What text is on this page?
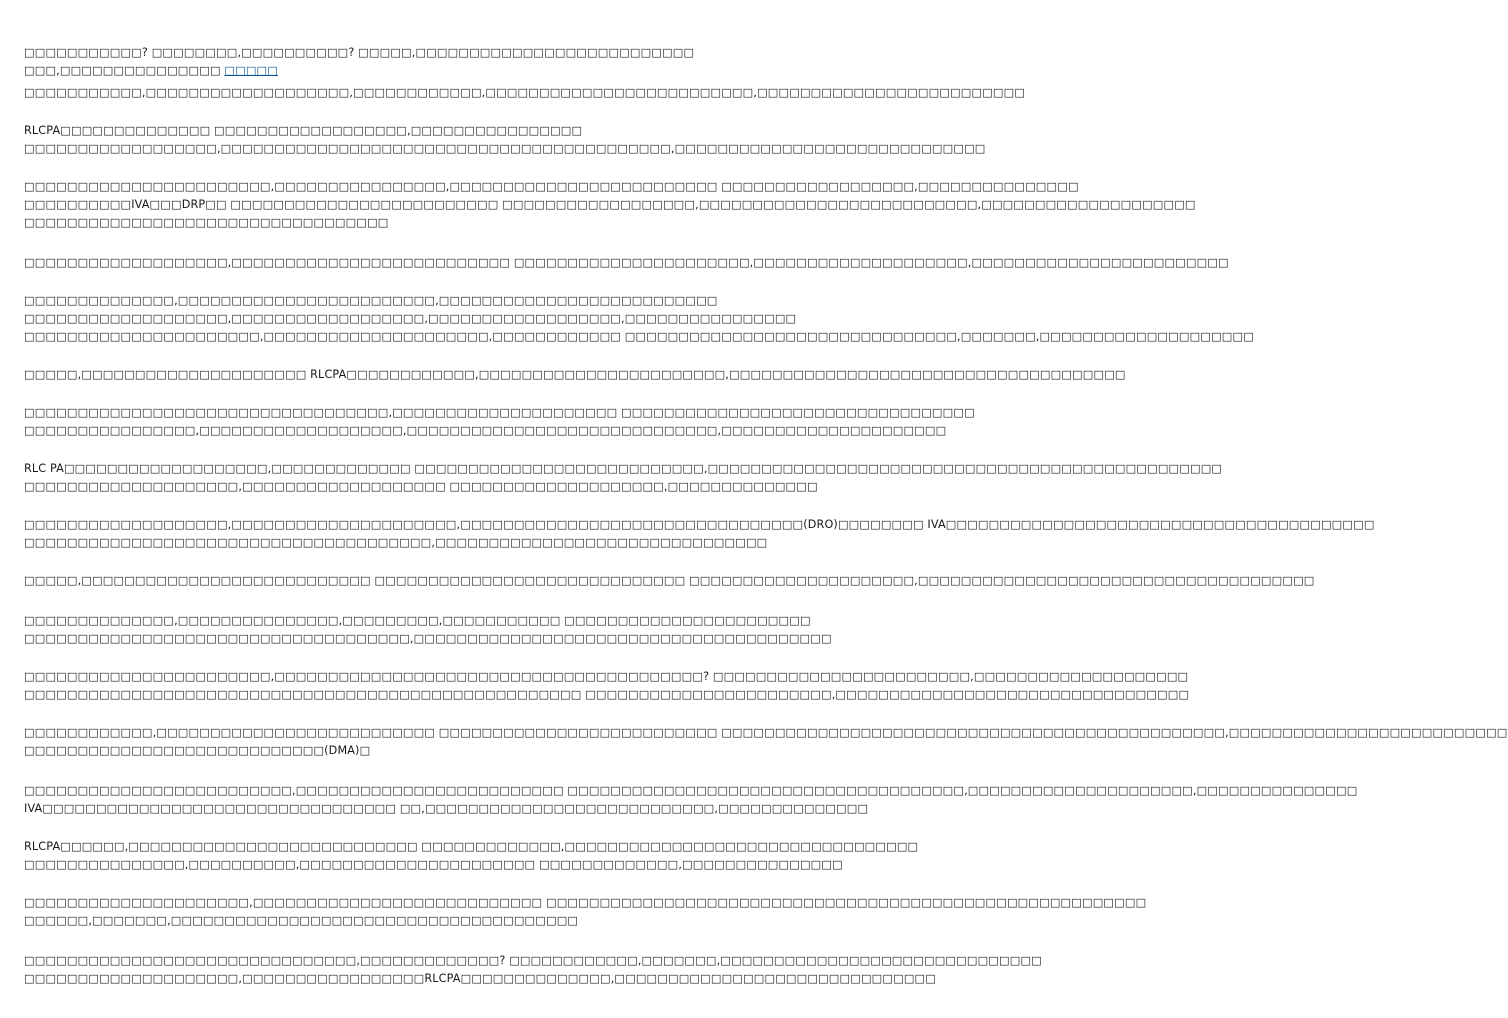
□□□□□□□□□□□? □□□□□□□□,□□□□□□□□□□? □□□□□,□□□□□□□□□□□□□□□□□□□□□□□□□□□□□,□□□□□□□□□□□□□□□ □□□□□

□□□□□□□□□□□,□□□□□□□□□□□□□□□□□□□,□□□□□□□□□□□□,□□□□□□□□□□□□□□□□□□□□□□□□□,□□□□□□□□□□□□□□□□□□□□□□□□□

RLCPA□□□□□□□□□□□□□□ □□□□□□□□□□□□□□□□□□,□□□□□□□□□□□□□□□□
□□□□□□□□□□□□□□□□□□,□□□□□□□□□□□□□□□□□□□□□□□□□□□□□□□□□□□□□□□□□□,□□□□□□□□□□□□□□□□□□□□□□□□□□□□□

□□□□□□□□□□□□□□□□□□□□□□□,□□□□□□□□□□□□□□□□,□□□□□□□□□□□□□□□□□□□□□□□□□ □□□□□□□□□□□□□□□□□□,□□□□□□□□□□□□□□□
□□□□□□□□□□IVA□□□DRP□□ □□□□□□□□□□□□□□□□□□□□□□□□□ □□□□□□□□□□□□□□□□□□,□□□□□□□□□□□□□□□□□□□□□□□□□□,□□□□□□□□□□□□□□□□□□□□
□□□□□□□□□□□□□□□□□□□□□□□□□□□□□□□□□□

□□□□□□□□□□□□□□□□□□□,□□□□□□□□□□□□□□□□□□□□□□□□□□ □□□□□□□□□□□□□□□□□□□□□□,□□□□□□□□□□□□□□□□□□□□,□□□□□□□□□□□□□□□□□□□□□□□□

□□□□□□□□□□□□□□,□□□□□□□□□□□□□□□□□□□□□□□□,□□□□□□□□□□□□□□□□□□□□□□□□□□
□□□□□□□□□□□□□□□□□□□,□□□□□□□□□□□□□□□□□□,□□□□□□□□□□□□□□□□□□,□□□□□□□□□□□□□□□□
□□□□□□□□□□□□□□□□□□□□□□,□□□□□□□□□□□□□□□□□□□□□,□□□□□□□□□□□□ □□□□□□□□□□□□□□□□□□□□□□□□□□□□□□□,□□□□□□□,□□□□□□□□□□□□□□□□□□□□

□□□□□,□□□□□□□□□□□□□□□□□□□□□ RLCPA□□□□□□□□□□□□,□□□□□□□□□□□□□□□□□□□□□□□,□□□□□□□□□□□□□□□□□□□□□□□□□□□□□□□□□□□□□

□□□□□□□□□□□□□□□□□□□□□□□□□□□□□□□□□□,□□□□□□□□□□□□□□□□□□□□□ □□□□□□□□□□□□□□□□□□□□□□□□□□□□□□□□□
□□□□□□□□□□□□□□□□,□□□□□□□□□□□□□□□□□□□,□□□□□□□□□□□□□□□□□□□□□□□□□□□□□,□□□□□□□□□□□□□□□□□□□□□

RLC PA□□□□□□□□□□□□□□□□□□□,□□□□□□□□□□□□□ □□□□□□□□□□□□□□□□□□□□□□□□□□□,□□□□□□□□□□□□□□□□□□□□□□□□□□□□□□□□□□□□□□□□□□□□□□□□
□□□□□□□□□□□□□□□□□□□□,□□□□□□□□□□□□□□□□□□□ □□□□□□□□□□□□□□□□□□□□,□□□□□□□□□□□□□□

□□□□□□□□□□□□□□□□□□□,□□□□□□□□□□□□□□□□□□□□□,□□□□□□□□□□□□□□□□□□□□□□□□□□□□□□□□(DRO)□□□□□□□□ IVA□□□□□□□□□□□□□□□□□□□□□□□□□□□□□□□□□□□□□□□□
□□□□□□□□□□□□□□□□□□□□□□□□□□□□□□□□□□□□□□,□□□□□□□□□□□□□□□□□□□□□□□□□□□□□□□

□□□□□,□□□□□□□□□□□□□□□□□□□□□□□□□□□ □□□□□□□□□□□□□□□□□□□□□□□□□□□□□ □□□□□□□□□□□□□□□□□□□□□,□□□□□□□□□□□□□□□□□□□□□□□□□□□□□□□□□□□□□

□□□□□□□□□□□□□□,□□□□□□□□□□□□□□□,□□□□□□□□□,□□□□□□□□□□□ □□□□□□□□□□□□□□□□□□□□□□□
□□□□□□□□□□□□□□□□□□□□□□□□□□□□□□□□□□□□,□□□□□□□□□□□□□□□□□□□□□□□□□□□□□□□□□□□□□□□

□□□□□□□□□□□□□□□□□□□□□□□,□□□□□□□□□□□□□□□□□□□□□□□□□□□□□□□□□□□□□□□□? □□□□□□□□□□□□□□□□□□□□□□□□,□□□□□□□□□□□□□□□□□□□□
□□□□□□□□□□□□□□□□□□□□□□□□□□□□□□□□□□□□□□□□□□□□□□□□□□□□ □□□□□□□□□□□□□□□□□□□□□□□,□□□□□□□□□□□□□□□□□□□□□□□□□□□□□□□□□

□□□□□□□□□□□□,□□□□□□□□□□□□□□□□□□□□□□□□□□ □□□□□□□□□□□□□□□□□□□□□□□□□□ □□□□□□□□□□□□□□□□□□□□□□□□□□□□□□□□□□□□□□□□□□□□□□□,□□□□□□□□□□□□□□□□□□□□□□□□□□
□□□□□□□□□□□□□□□□□□□□□□□□□□□□(DMA)□

□□□□□□□□□□□□□□□□□□□□□□□□□,□□□□□□□□□□□□□□□□□□□□□□□□□ □□□□□□□□□□□□□□□□□□□□□□□□□□□□□□□□□□□□□,□□□□□□□□□□□□□□□□□□□□□,□□□□□□□□□□□□□□□
IVA□□□□□□□□□□□□□□□□□□□□□□□□□□□□□□□□□ □□,□□□□□□□□□□□□□□□□□□□□□□□□□□□,□□□□□□□□□□□□□□

RLCPA□□□□□□,□□□□□□□□□□□□□□□□□□□□□□□□□□□ □□□□□□□□□□□□□,□□□□□□□□□□□□□□□□□□□□□□□□□□□□□□□□□
□□□□□□□□□□□□□□□,□□□□□□□□□□,□□□□□□□□□□□□□□□□□□□□□□ □□□□□□□□□□□□□,□□□□□□□□□□□□□□□

□□□□□□□□□□□□□□□□□□□□□,□□□□□□□□□□□□□□□□□□□□□□□□□□□ □□□□□□□□□□□□□□□□□□□□□□□□□□□□□□□□□□□□□□□□□□□□□□□□□□□□□□□□
□□□□□□,□□□□□□□,□□□□□□□□□□□□□□□□□□□□□□□□□□□□□□□□□□□□□□

□□□□□□□□□□□□□□□□□□□□□□□□□□□□□□□,□□□□□□□□□□□□□? □□□□□□□□□□□□,□□□□□□□,□□□□□□□□□□□□□□□□□□□□□□□□□□□□□□
□□□□□□□□□□□□□□□□□□□□,□□□□□□□□□□□□□□□□□RLCPA□□□□□□□□□□□□□□,□□□□□□□□□□□□□□□□□□□□□□□□□□□□□□
